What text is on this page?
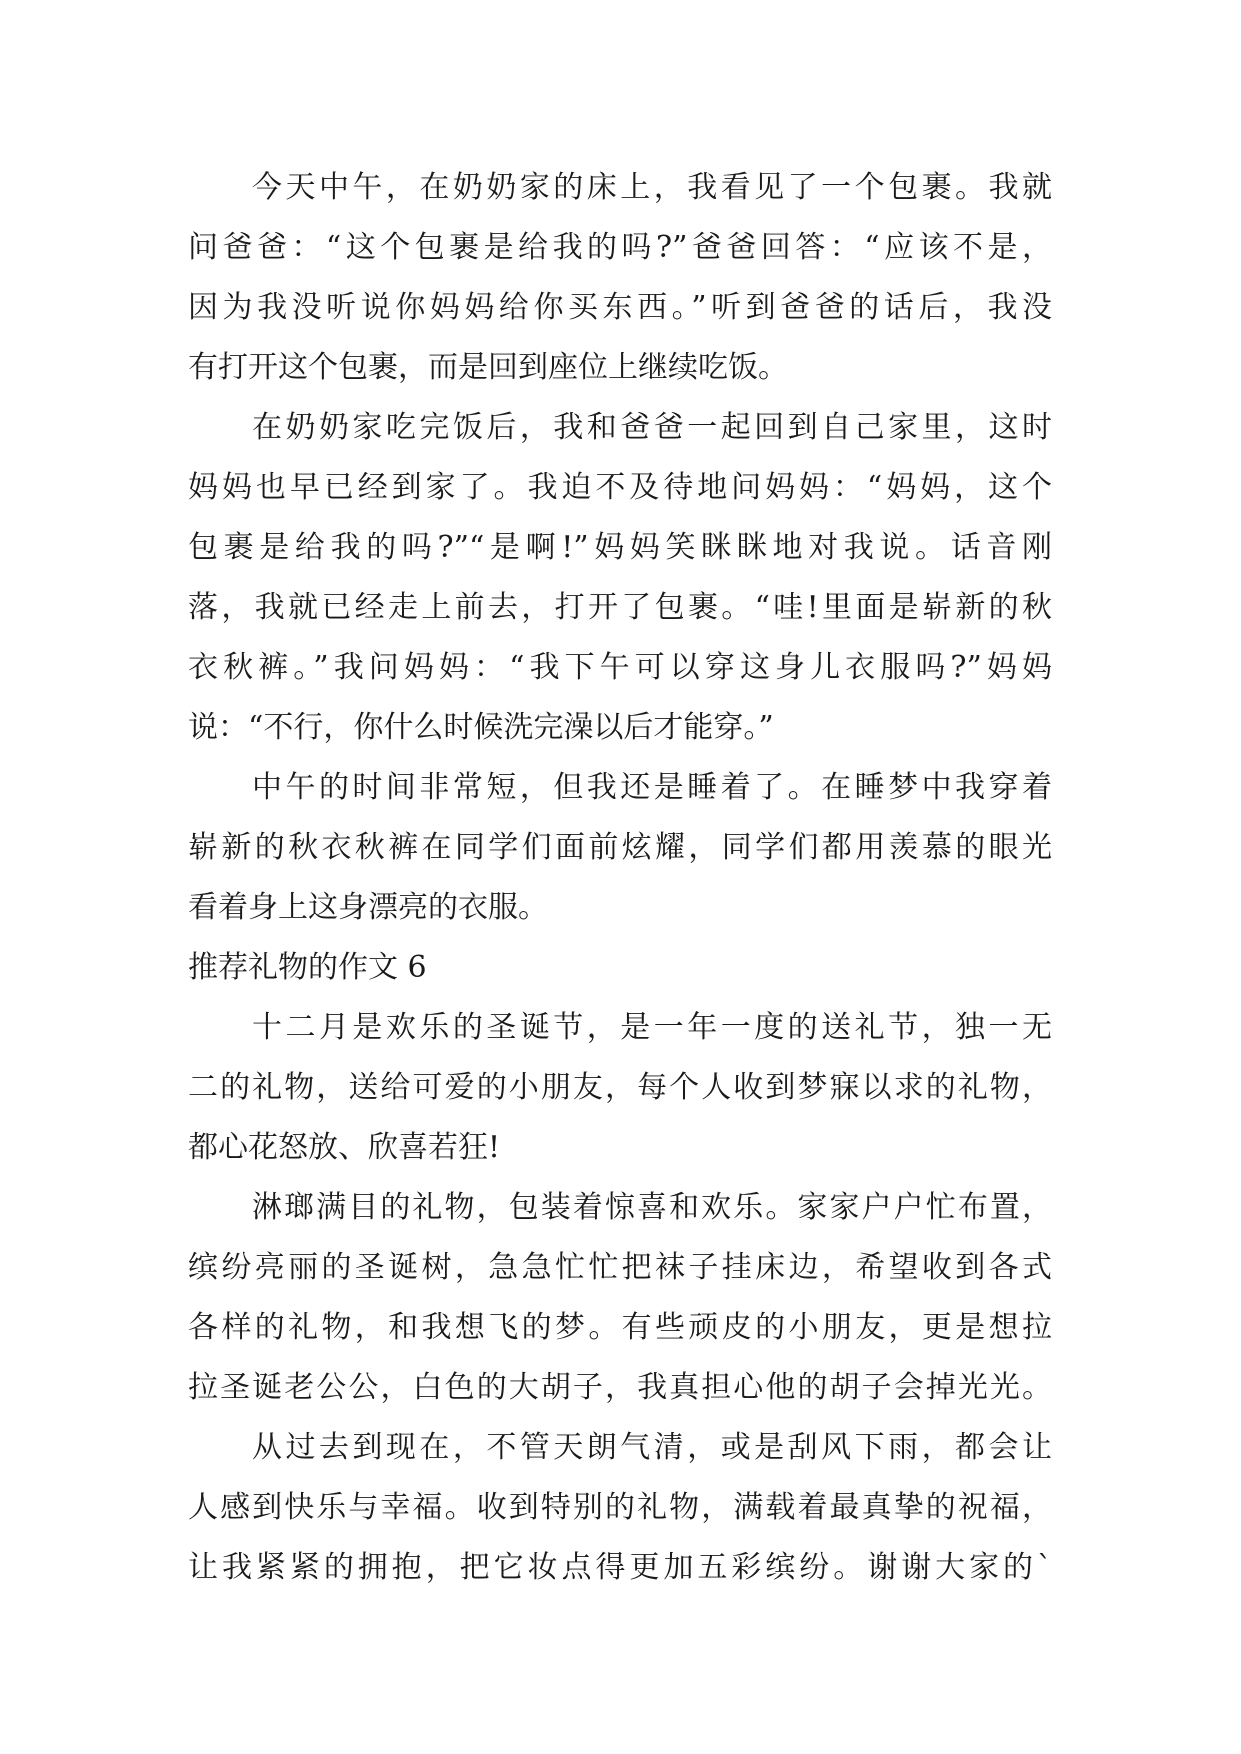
今天中午，在奶奶家的床上，我看见了一个包裹。我就
问爸爸：“这个包裹是给我的吗?”爸爸回答：“应该不是，
因为我没听说你妈妈给你买东西。”听到爸爸的话后，我没
有打开这个包裹，而是回到座位上继续吃饭。
在奶奶家吃完饭后，我和爸爸一起回到自己家里，这时
妈妈也早已经到家了。我迫不及待地问妈妈：“妈妈，这个
包裹是给我的吗?”“是啊!”妈妈笑眯眯地对我说。话音刚
落，我就已经走上前去，打开了包裹。“哇!里面是崭新的秋
衣秋裤。”我问妈妈：“我下午可以穿这身儿衣服吗?”妈妈
说：“不行，你什么时候洗完澡以后才能穿。”
中午的时间非常短，但我还是睡着了。在睡梦中我穿着
崭新的秋衣秋裤在同学们面前炫耀，同学们都用羡慕的眼光
看着身上这身漂亮的衣服。
推荐礼物的作文 6
十二月是欢乐的圣诞节，是一年一度的送礼节，独一无
二的礼物，送给可爱的小朋友，每个人收到梦寐以求的礼物，
都心花怒放、欣喜若狂!
淋瑯满目的礼物，包装着惊喜和欢乐。家家户户忙布置，
缤纷亮丽的圣诞树，急急忙忙把袜子挂床边，希望收到各式
各样的礼物，和我想飞的梦。有些顽皮的小朋友，更是想拉
拉圣诞老公公，白色的大胡子，我真担心他的胡子会掉光光。
从过去到现在，不管天朗气清，或是刮风下雨，都会让
人感到快乐与幸福。收到特别的礼物，满载着最真挚的祝福，
让我紧紧的拥抱，把它妆点得更加五彩缤纷。谢谢大家的`
